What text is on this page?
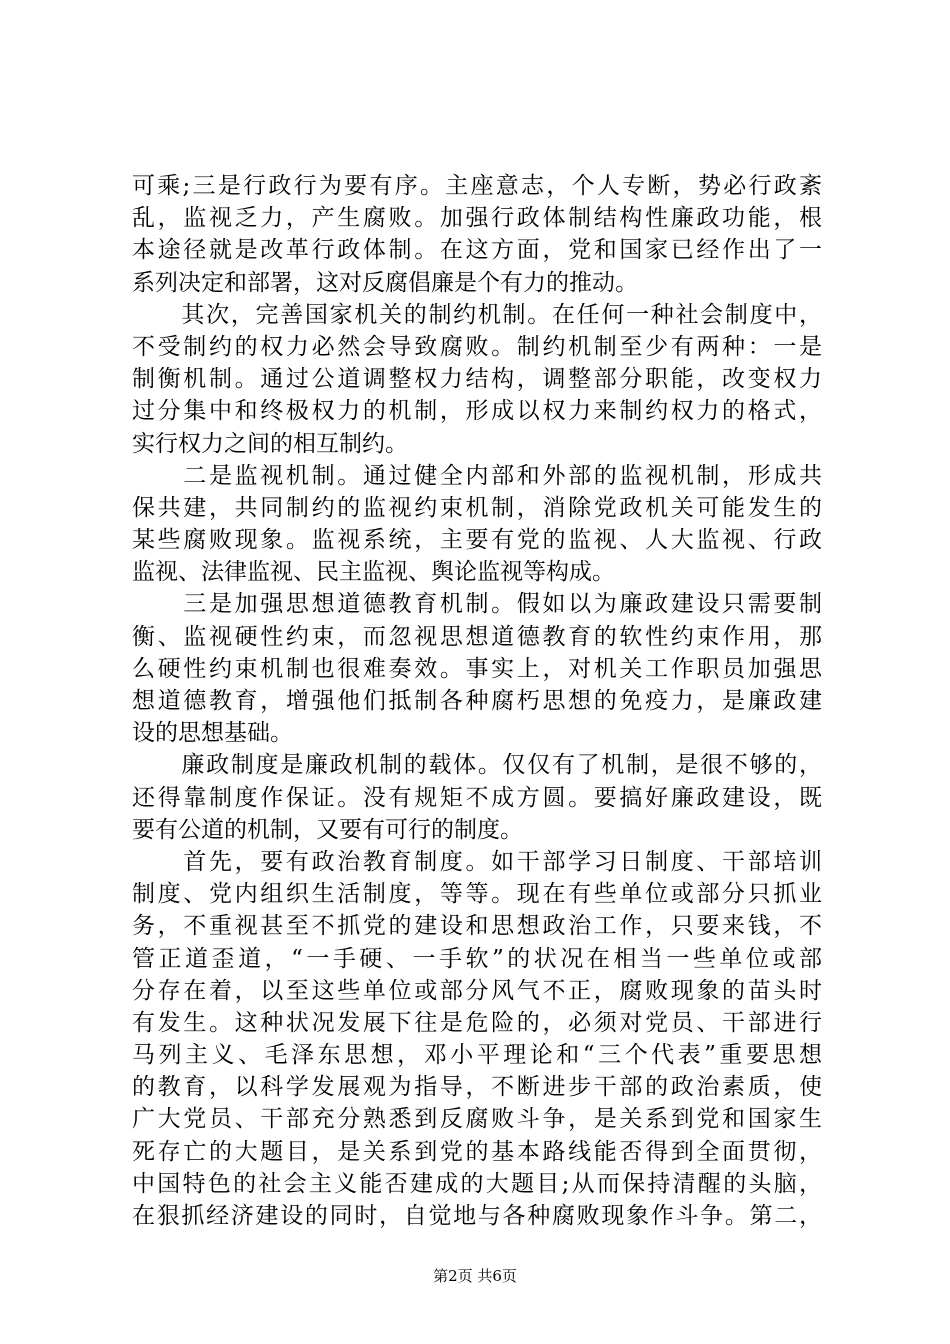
可乘;三是行政行为要有序。主座意志，个人专断，势必行政紊
乱，监视乏力，产生腐败。加强行政体制结构性廉政功能，根
本途径就是改革行政体制。在这方面，党和国家已经作出了一
系列决定和部署，这对反腐倡廉是个有力的推动。
　　其次，完善国家机关的制约机制。在任何一种社会制度中，
不受制约的权力必然会导致腐败。制约机制至少有两种：一是
制衡机制。通过公道调整权力结构，调整部分职能，改变权力
过分集中和终极权力的机制，形成以权力来制约权力的格式，
实行权力之间的相互制约。
　　二是监视机制。通过健全内部和外部的监视机制，形成共
保共建，共同制约的监视约束机制，消除党政机关可能发生的
某些腐败现象。监视系统，主要有党的监视、人大监视、行政
监视、法律监视、民主监视、舆论监视等构成。
　　三是加强思想道德教育机制。假如以为廉政建设只需要制
衡、监视硬性约束，而忽视思想道德教育的软性约束作用，那
么硬性约束机制也很难奏效。事实上，对机关工作职员加强思
想道德教育，增强他们抵制各种腐朽思想的免疫力，是廉政建
设的思想基础。
　　廉政制度是廉政机制的载体。仅仅有了机制，是很不够的，
还得靠制度作保证。没有规矩不成方圆。要搞好廉政建设，既
要有公道的机制，又要有可行的制度。
　　首先，要有政治教育制度。如干部学习日制度、干部培训
制度、党内组织生活制度，等等。现在有些单位或部分只抓业
务，不重视甚至不抓党的建设和思想政治工作，只要来钱，不
管正道歪道，“一手硬、一手软”的状况在相当一些单位或部
分存在着，以至这些单位或部分风气不正，腐败现象的苗头时
有发生。这种状况发展下往是危险的，必须对党员、干部进行
马列主义、毛泽东思想，邓小平理论和“三个代表”重要思想
的教育，以科学发展观为指导，不断进步干部的政治素质，使
广大党员、干部充分熟悉到反腐败斗争，是关系到党和国家生
死存亡的大题目，是关系到党的基本路线能否得到全面贯彻，
中国特色的社会主义能否建成的大题目;从而保持清醒的头脑，
在狠抓经济建设的同时，自觉地与各种腐败现象作斗争。第二，
第2页 共6页
